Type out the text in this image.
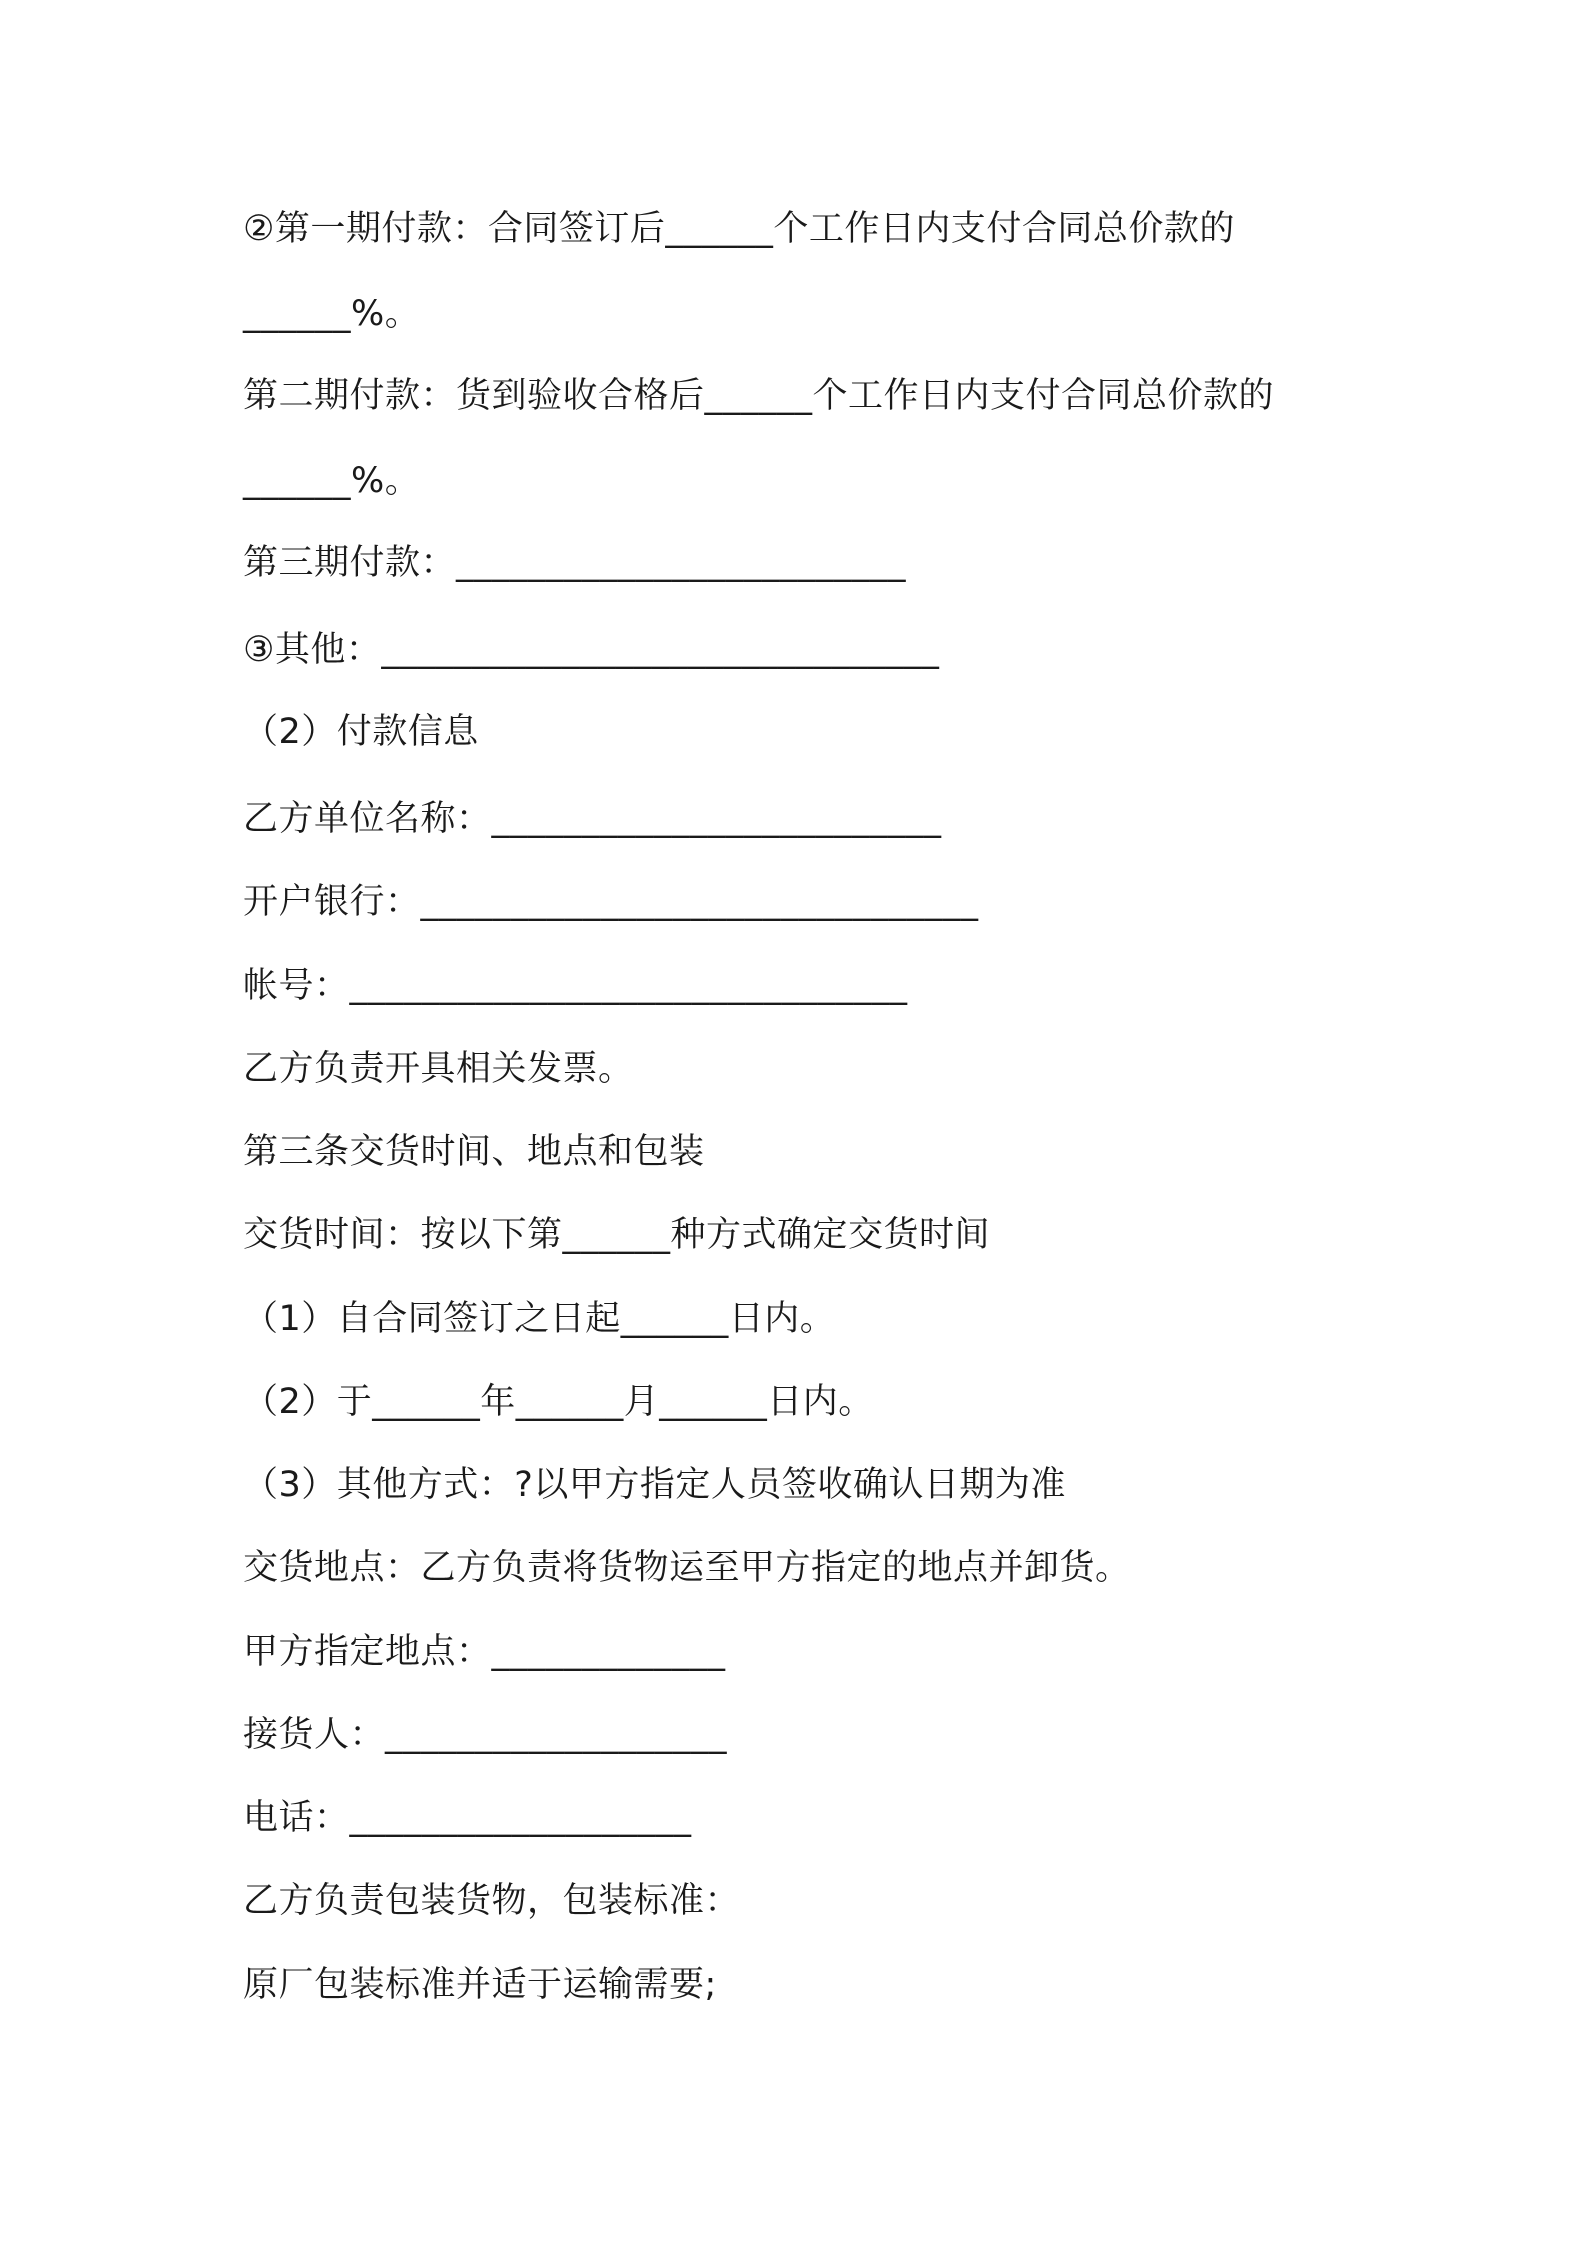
②第一期付款：合同签订后______个工作日内支付合同总价款的
______%。
第二期付款：货到验收合格后______个工作日内支付合同总价款的
______%。
第三期付款：_________________________
③其他：_______________________________
（2）付款信息
乙方单位名称：_________________________
开户银行：_______________________________
帐号：_______________________________
乙方负责开具相关发票。
第三条交货时间、地点和包装
交货时间：按以下第______种方式确定交货时间
（1）自合同签订之日起______日内。
（2）于______年______月______日内。
（3）其他方式：?以甲方指定人员签收确认日期为准
交货地点：乙方负责将货物运至甲方指定的地点并卸货。
甲方指定地点：_____________
接货人：___________________
电话：___________________
乙方负责包装货物，包装标准：
原厂包装标准并适于运输需要;
